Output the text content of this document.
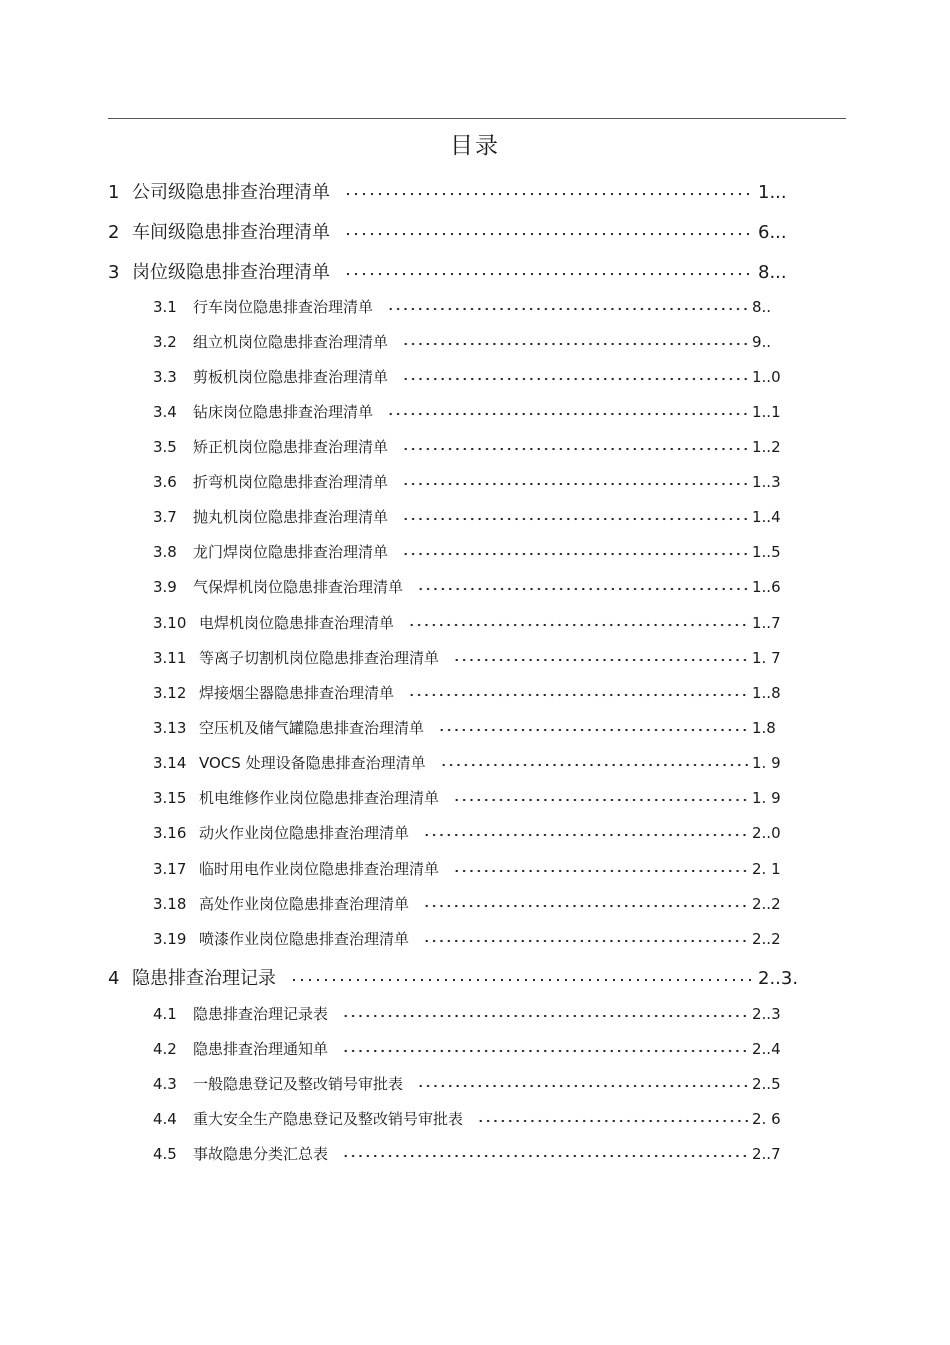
目录
1 公司级隐患排查治理清单	1...
2 车间级隐患排查治理清单	6...
3 岗位级隐患排查治理清单	8...
3.1	行车岗位隐患排查治理清单	8..
3.2	组立机岗位隐患排查治理清单	9..
3.3	剪板机岗位隐患排查治理清单	1..0
3.4	钻床岗位隐患排查治理清单	1..1
3.5	矫正机岗位隐患排查治理清单	1..2
3.6	折弯机岗位隐患排查治理清单	1..3
3.7	抛丸机岗位隐患排查治理清单	1..4
3.8	龙门焊岗位隐患排查治理清单	1..5
3.9	气保焊机岗位隐患排查治理清单	1..6
3.10 电焊机岗位隐患排查治理清单	1..7
3.11 等离子切割机岗位隐患排查治理清单	1. 7
3.12 焊接烟尘器隐患排查治理清单	1..8
3.13 空压机及储气罐隐患排查治理清单	1.8
3.14 VOCS 处理设备隐患排查治理清单	1. 9
3.15 机电维修作业岗位隐患排查治理清单	1. 9
3.16 动火作业岗位隐患排查治理清单	2..0
3.17 临时用电作业岗位隐患排查治理清单	2. 1
3.18 高处作业岗位隐患排查治理清单	2..2
3.19 喷漆作业岗位隐患排查治理清单	2..2
4 隐患排查治理记录	2..3.
4.1	隐患排查治理记录表	2..3
4.2	隐患排查治理通知单	2..4
4.3	一般隐患登记及整改销号审批表	2..5
4.4	重大安全生产隐患登记及整改销号审批表	2. 6
4.5	事故隐患分类汇总表	2..7
